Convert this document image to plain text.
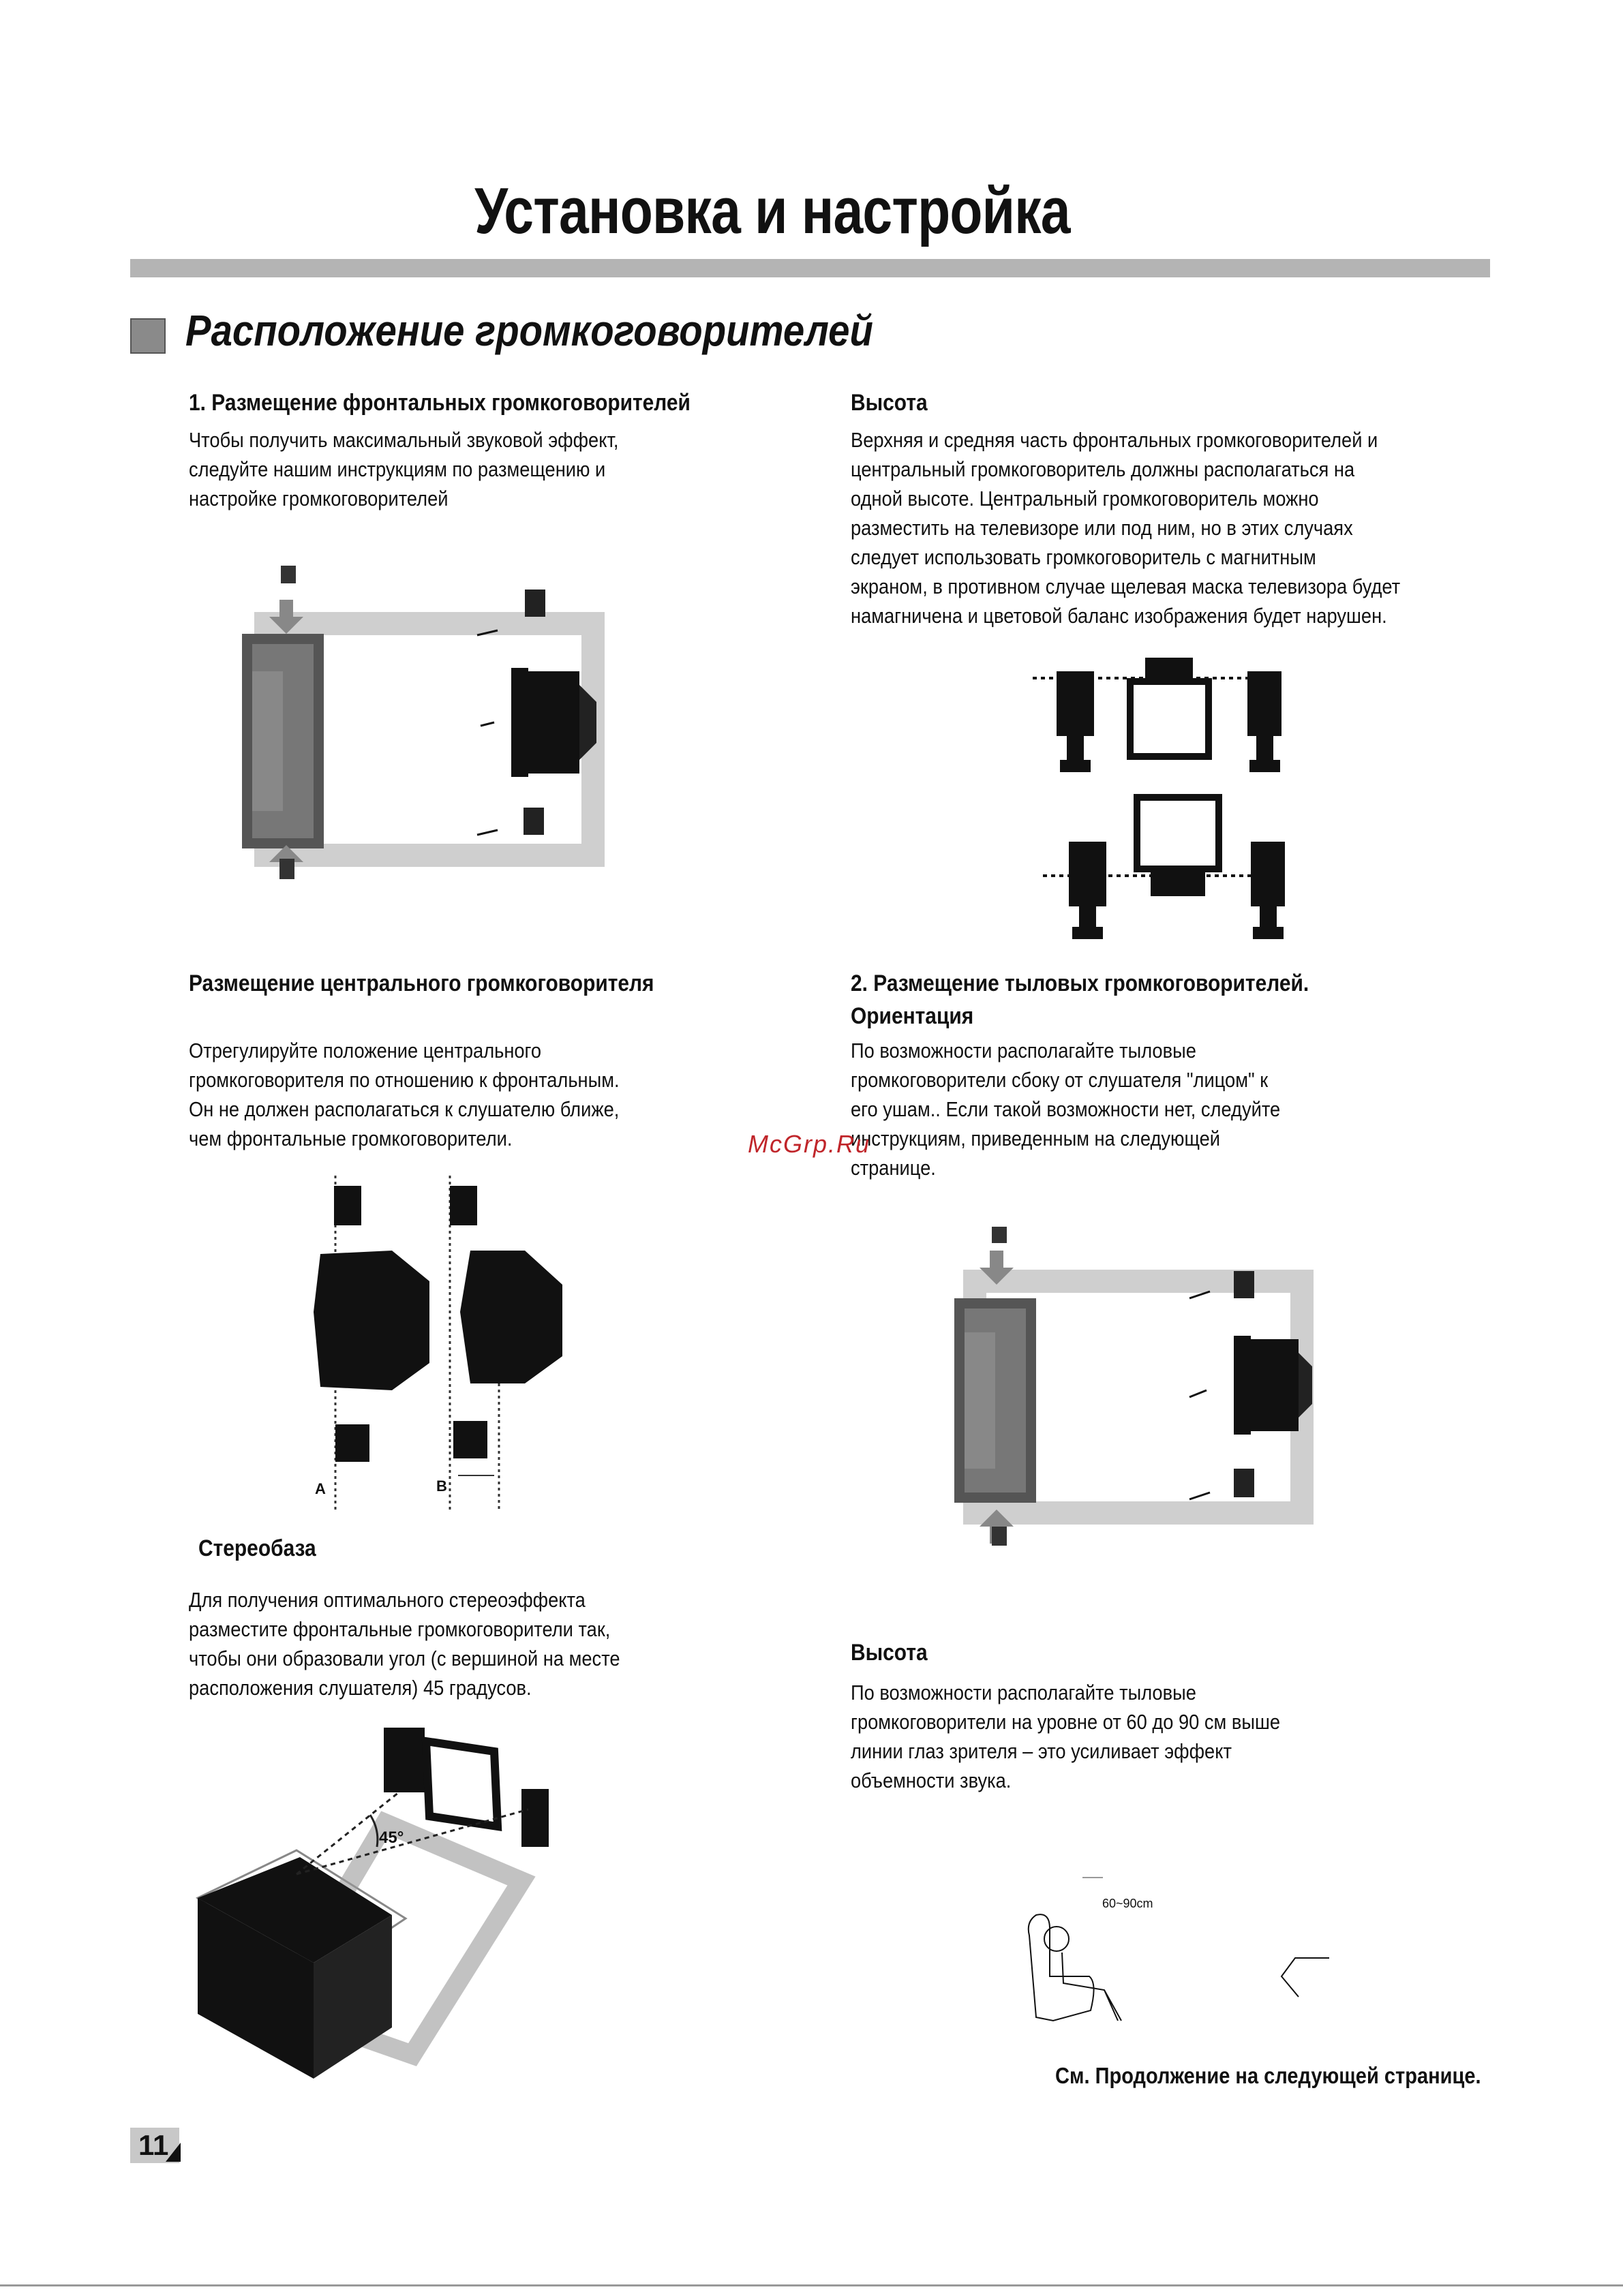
Установка и настройка
Расположение громкоговорителей
1. Размещение фронтальных громкоговорителей
Чтобы получить максимальный звуковой эффект,
следуйте нашим инструкциям по размещению и
настройке громкоговорителей
Размещение центрального громкоговорителя
Отрегулируйте положение центрального
громкоговорителя по отношению к фронтальным.
Он не должен располагаться к слушателю ближе,
чем фронтальные громкоговорители.
Стереобаза
Для получения оптимального стереоэффекта
разместите фронтальные громкоговорители так,
чтобы они образовали угол (с вершиной на месте
расположения слушателя) 45 градусов.
Высота
Верхняя и средняя часть фронтальных громкоговорителей и
центральный громкоговоритель должны располагаться на
одной высоте. Центральный громкоговоритель можно
разместить на телевизоре или под ним, но в этих случаях
следует использовать громкоговоритель с магнитным
экраном, в противном случае щелевая маска телевизора будет
намагничена и цветовой баланс изображения будет нарушен.
2. Размещение тыловых громкоговорителей.
Ориентация
По возможности располагайте тыловые
громкоговорители сбоку от слушателя "лицом" к
его ушам.. Если такой возможности нет, следуйте
инструкциям, приведенным на следующей
странице.
Высота
По возможности располагайте тыловые
громкоговорители на уровне от 60 до 90 см выше
линии глаз зрителя – это усиливает эффект
объемности звука.
См. Продолжение на следующей странице.
McGrp.Ru
A	B
45°
60~90cm
11
